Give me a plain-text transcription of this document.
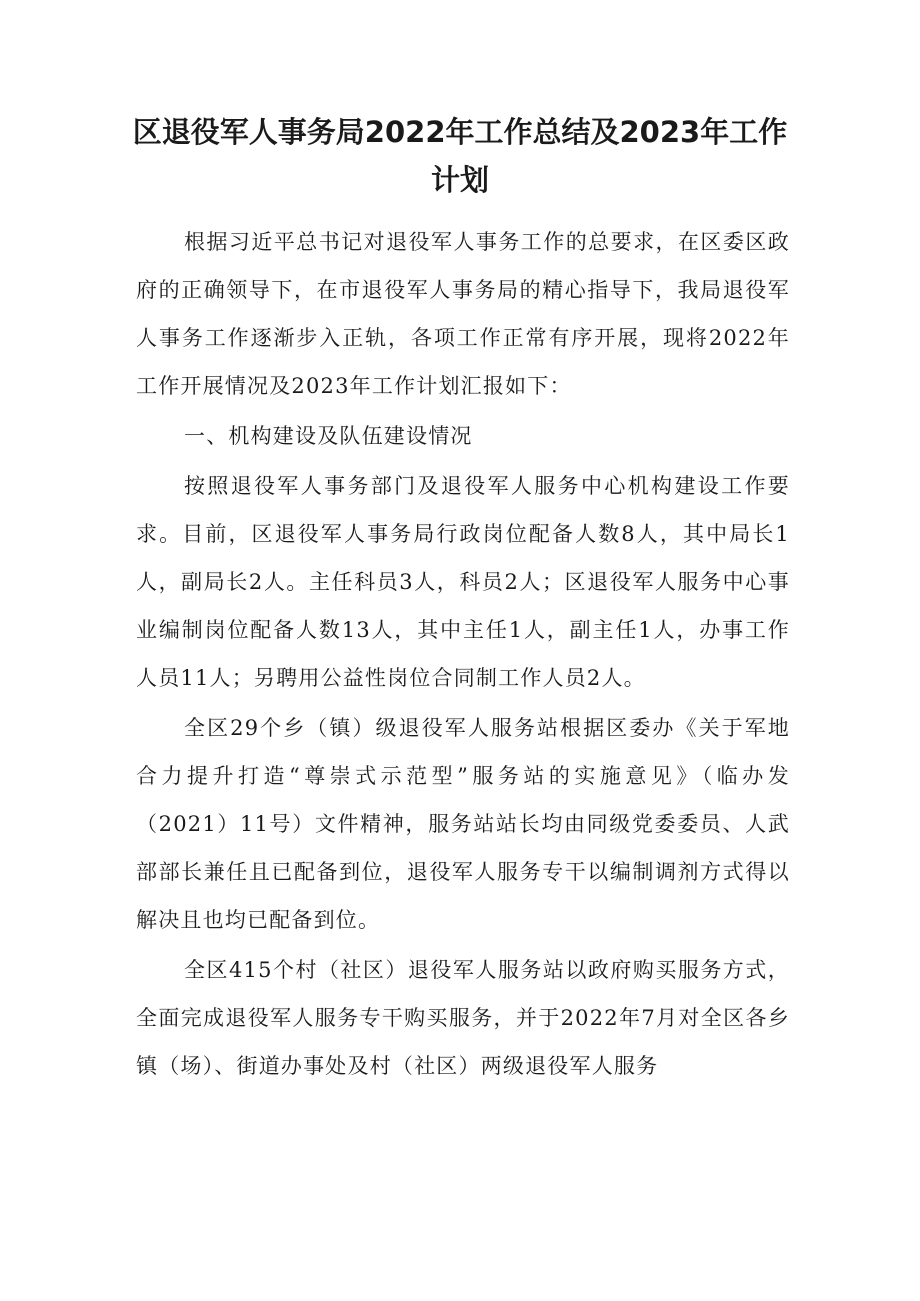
区退役军人事务局2022年工作总结及2023年工作
计划

根据习近平总书记对退役军人事务工作的总要求，在区委区政府的正确领导下，在市退役军人事务局的精心指导下，我局退役军人事务工作逐渐步入正轨，各项工作正常有序开展，现将2022年工作开展情况及2023年工作计划汇报如下：

一、机构建设及队伍建设情况

按照退役军人事务部门及退役军人服务中心机构建设工作要求。目前，区退役军人事务局行政岗位配备人数8人，其中局长1人，副局长2人。主任科员3人，科员2人；区退役军人服务中心事业编制岗位配备人数13人，其中主任1人，副主任1人，办事工作人员11人；另聘用公益性岗位合同制工作人员2人。

全区29个乡（镇）级退役军人服务站根据区委办《关于军地合力提升打造“尊崇式示范型”服务站的实施意见》（临办发（2021）11号）文件精神，服务站站长均由同级党委委员、人武部部长兼任且已配备到位，退役军人服务专干以编制调剂方式得以解决且也均已配备到位。

全区415个村（社区）退役军人服务站以政府购买服务方式，全面完成退役军人服务专干购买服务，并于2022年7月对全区各乡镇（场）、街道办事处及村（社区）两级退役军人服务
